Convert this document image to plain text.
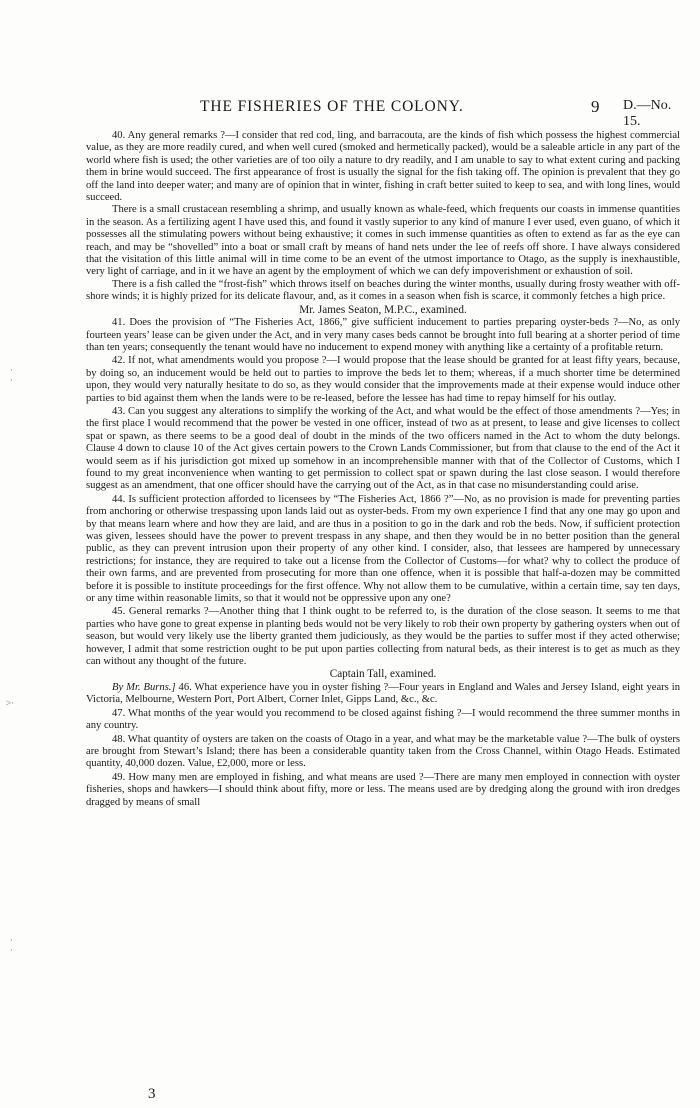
THE FISHERIES OF THE COLONY.	9 D.—No. 15.

40. Any general remarks ?—I consider that red cod, ling, and barracouta, are the kinds of fish which possess the highest commercial value, as they are more readily cured, and when well cured (smoked and hermetically packed), would be a saleable article in any part of the world where fish is used; the other varieties are of too oily a nature to dry readily, and I am unable to say to what extent curing and packing them in brine would succeed. The first appearance of frost is usually the signal for the fish taking off. The opinion is prevalent that they go off the land into deeper water; and many are of opinion that in winter, fishing in craft better suited to keep to sea, and with long lines, would succeed.

There is a small crustacean resembling a shrimp, and usually known as whale-feed, which frequents our coasts in immense quantities in the season. As a fertilizing agent I have used this, and found it vastly superior to any kind of manure I ever used, even guano, of which it possesses all the stimulating powers without being exhaustive; it comes in such immense quantities as often to extend as far as the eye can reach, and may be “shovelled” into a boat or small craft by means of hand nets under the lee of reefs off shore. I have always considered that the visitation of this little animal will in time come to be an event of the utmost importance to Otago, as the supply is inexhaustible, very light of carriage, and in it we have an agent by the employment of which we can defy impoverishment or exhaustion of soil.

There is a fish called the “frost-fish” which throws itself on beaches during the winter months, usually during frosty weather with off-shore winds; it is highly prized for its delicate flavour, and, as it comes in a season when fish is scarce, it commonly fetches a high price.

Mr. James Seaton, M.P.C., examined.

41. Does the provision of “The Fisheries Act, 1866,” give sufficient inducement to parties preparing oyster-beds ?—No, as only fourteen years’ lease can be given under the Act, and in very many cases beds cannot be brought into full bearing at a shorter period of time than ten years; consequently the tenant would have no inducement to expend money with anything like a certainty of a profitable return.

42. If not, what amendments would you propose ?—I would propose that the lease should be granted for at least fifty years, because, by doing so, an inducement would be held out to parties to improve the beds let to them; whereas, if a much shorter time be determined upon, they would very naturally hesitate to do so, as they would consider that the improvements made at their expense would induce other parties to bid against them when the lands were to be re-leased, before the lessee has had time to repay himself for his outlay.

43. Can you suggest any alterations to simplify the working of the Act, and what would be the effect of those amendments ?—Yes; in the first place I would recommend that the power be vested in one officer, instead of two as at present, to lease and give licenses to collect spat or spawn, as there seems to be a good deal of doubt in the minds of the two officers named in the Act to whom the duty belongs. Clause 4 down to clause 10 of the Act gives certain powers to the Crown Lands Commissioner, but from that clause to the end of the Act it would seem as if his jurisdiction got mixed up somehow in an incomprehensible manner with that of the Collector of Customs, which I found to my great inconvenience when wanting to get permission to collect spat or spawn during the last close season. I would therefore suggest as an amendment, that one officer should have the carrying out of the Act, as in that case no misunderstanding could arise.

44. Is sufficient protection afforded to licensees by “The Fisheries Act, 1866 ?”—No, as no provision is made for preventing parties from anchoring or otherwise trespassing upon lands laid out as oyster-beds. From my own experience I find that any one may go upon and by that means learn where and how they are laid, and are thus in a position to go in the dark and rob the beds. Now, if sufficient protection was given, lessees should have the power to prevent trespass in any shape, and then they would be in no better position than the general public, as they can prevent intrusion upon their property of any other kind. I consider, also, that lessees are hampered by unnecessary restrictions; for instance, they are required to take out a license from the Collector of Customs—for what? why to collect the produce of their own farms, and are prevented from prosecuting for more than one offence, when it is possible that half-a-dozen may be committed before it is possible to institute proceedings for the first offence. Why not allow them to be cumulative, within a certain time, say ten days, or any time within reasonable limits, so that it would not be oppressive upon any one?

45. General remarks ?—Another thing that I think ought to be referred to, is the duration of the close season. It seems to me that parties who have gone to great expense in planting beds would not be very likely to rob their own property by gathering oysters when out of season, but would very likely use the liberty granted them judiciously, as they would be the parties to suffer most if they acted otherwise; however, I admit that some restriction ought to be put upon parties collecting from natural beds, as their interest is to get as much as they can without any thought of the future.

Captain Tall, examined.

By Mr. Burns.] 46. What experience have you in oyster fishing ?—Four years in England and Wales and Jersey Island, eight years in Victoria, Melbourne, Western Port, Port Albert, Corner Inlet, Gipps Land, &c., &c.

47. What months of the year would you recommend to be closed against fishing ?—I would recommend the three summer months in any country.

48. What quantity of oysters are taken on the coasts of Otago in a year, and what may be the marketable value ?—The bulk of oysters are brought from Stewart’s Island; there has been a considerable quantity taken from the Cross Channel, within Otago Heads. Estimated quantity, 40,000 dozen. Value, £2,000, more or less.

49. How many men are employed in fishing, and what means are used ?—There are many men employed in connection with oyster fisheries, shops and hawkers—I should think about fifty, more or less. The means used are by dredging along the ground with iron dredges dragged by means of small

3
·
·
>·
·
·
